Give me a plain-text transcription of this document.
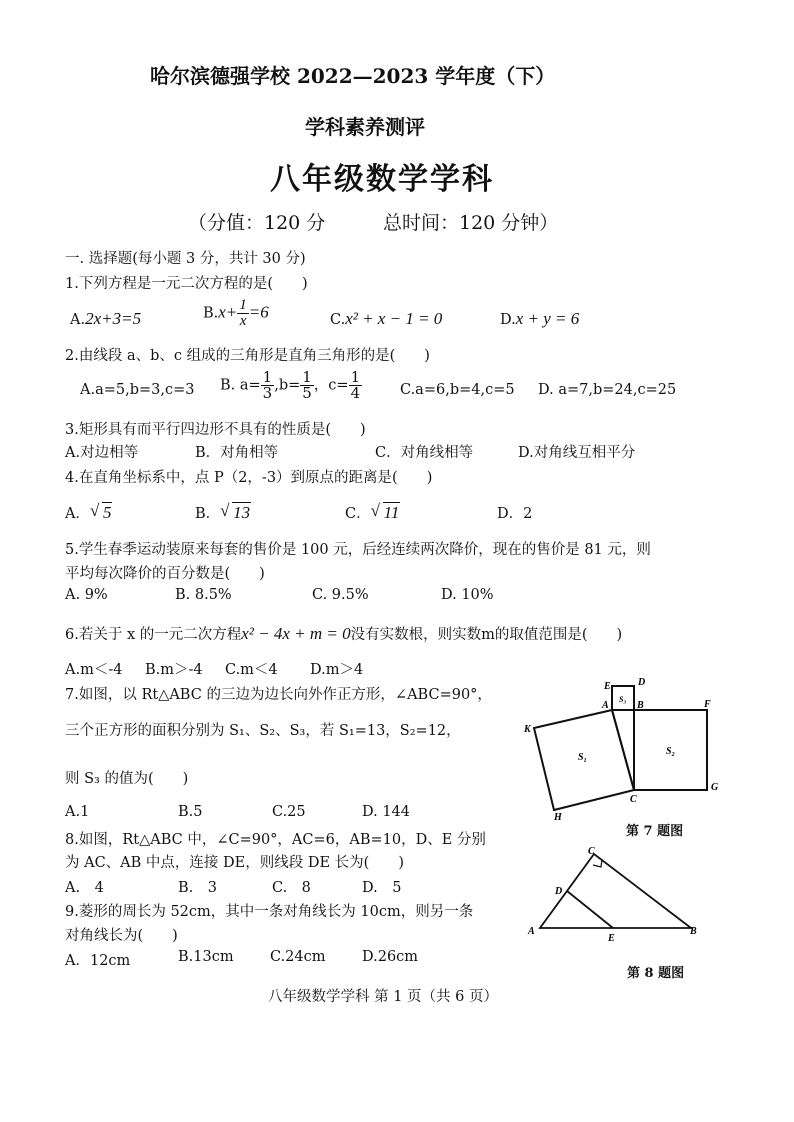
哈尔滨德强学校 2022—2023 学年度（下）
学科素养测评
八年级数学学科
（分值：120 分	总时间：120 分钟）
一. 选择题(每小题 3 分，共计 30 分)
1.下列方程是一元二次方程的是(　　)
A.2x+3=5	$B.x+ \frac{1}{x} =6$	C.x² + x − 1 = 0	D.x + y = 6
2.由线段 a、b、c 组成的三角形是直角三角形的是(　　)
A.a=5,b=3,c=3 B. $a= \frac{1}{3} ,b= \frac{1}{5}$ ，$c= \frac{1}{4}$	C.a=6,b=4,c=5 D. a=7,b=24,c=25
3.矩形具有而平行四边形不具有的性质是(　　)
A.对边相等	B．对角相等	C．对角线相等	D.对角线互相平分
4.在直角坐标系中，点 P（2，-3）到原点的距离是(　　)
A． √ 5	B． √ 13	C． √ 11	D．2
5.学生春季运动装原来每套的售价是 100 元，后经连续两次降价，现在的售价是 81 元，则
平均每次降价的百分数是(　　)
A. 9%	B. 8.5%	C. 9.5%	D. 10%
6.若关于 x 的一元二次方程x² − 4x + m = 0没有实数根，则实数m的取值范围是(　　)
A.m＜-4 B.m＞-4 C.m＜4 D.m＞4
7.如图，以 Rt△ABC 的三边为边长向外作正方形，∠ABC=90°，
三个正方形的面积分别为 S₁、S₂、S₃，若 S₁=13，S₂=12，
则 S₃ 的值为(　　)
A.1	B.5	C.25	D. 144
E	D
A	B	F
K
C
G
H
S₃
S₁
S₂
第 7 题图
8.如图，Rt△ABC 中，∠C=90°，AC=6，AB=10，D、E 分别
为 AC、AB 中点，连接 DE，则线段 DE 长为(　　)
A.　4	B.　3	C.　8	D.　5
C
D
A
E
B
第 8 题图
9.菱形的周长为 52cm，其中一条对角线长为 10cm，则另一条
对角线长为(　　)
A．12cm	B.13cm	C.24cm	D.26cm
八年级数学学科 第 1 页（共 6 页）
